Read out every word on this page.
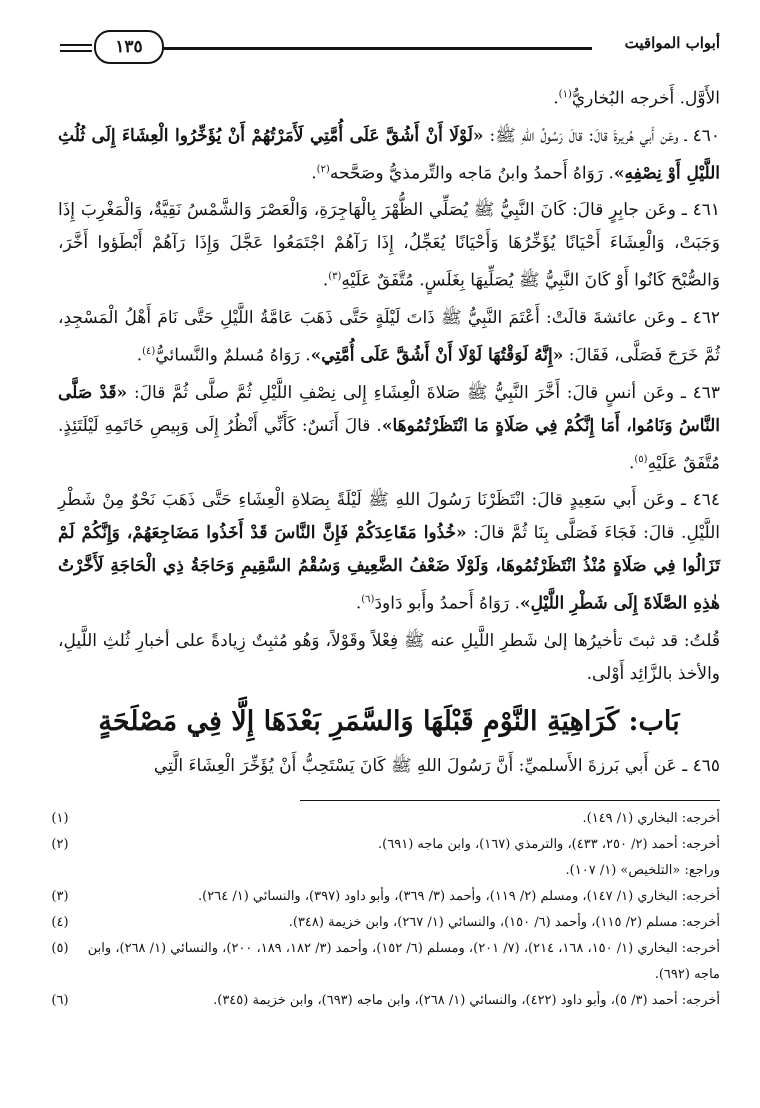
١٣٥	أبواب المواقيت

الأَوَّل. أَخرجه البُخاريُّ$^{(١)}$.

٤٦٠ ـ وعَن أَبي هُريرةَ قالَ: قالَ رَسُولُ اللهِ ﷺ: «لَوْلَا أَنْ أَشُقَّ عَلَى أُمَّتِي لَأَمَرْتُهُمْ أَنْ يُؤَخِّرُوا الْعِشَاءَ إِلَى ثُلُثِ اللَّيْلِ أَوْ نِصْفِهِ». رَوَاهُ أَحمدُ وابنُ مَاجه والتِّرمذيُّ وصَحَّحه$^{(٢)}$.

٤٦١ ـ وعَن جابِرٍ قالَ: كَانَ النَّبِيُّ ﷺ يُصَلِّي الظُّهْرَ بِالْهَاجِرَةِ، وَالْعَصْرَ وَالشَّمْسُ نَقِيَّةٌ، وَالْمَغْرِبَ إِذَا وَجَبَتْ، وَالْعِشَاءَ أَحْيَانًا يُؤَخِّرُهَا وَأَحْيَانًا يُعَجِّلُ، إِذَا رَآهُمْ اجْتَمَعُوا عَجَّلَ وَإِذَا رَآهُمْ أَبْطَؤوا أَخَّرَ، وَالصُّبْحَ كَانُوا أَوْ كَانَ النَّبِيُّ ﷺ يُصَلِّيهَا بِغَلَسٍ. مُتَّفَقٌ عَلَيْهِ$^{(٣)}$.

٤٦٢ ـ وعَن عائشةَ قالَتْ: أَعْتَمَ النَّبِيُّ ﷺ ذَاتَ لَيْلَةٍ حَتَّى ذَهَبَ عَامَّةُ اللَّيْلِ حَتَّى نَامَ أَهْلُ الْمَسْجِدِ، ثُمَّ خَرَجَ فَصَلَّى، فَقَالَ: «إِنَّهُ لَوَقْتُهَا لَوْلَا أَنْ أَشُقَّ عَلَى أُمَّتِي». رَوَاهُ مُسلمٌ والنَّسائيُّ$^{(٤)}$.

٤٦٣ ـ وعَن أنسٍ قالَ: أَخَّرَ النَّبِيُّ ﷺ صَلاةَ الْعِشَاءِ إِلى نِصْفِ اللَّيْلِ ثُمَّ صلَّى ثُمَّ قالَ: «قَدْ صَلَّى النَّاسُ وَنَامُوا، أَمَا إِنَّكُمْ فِي صَلَاةٍ مَا انْتَظَرْتُمُوهَا». قالَ أَنَسٌ: كَأَنِّي أَنْظُرُ إِلَى وَبِيصِ خَاتَمِهِ لَيْلَتَئِذٍ. مُتَّفَقٌ عَلَيْهِ$^{(٥)}$.

٤٦٤ ـ وعَن أَبي سَعِيدٍ قالَ: انْتَظَرْنَا رَسُولَ اللهِ ﷺ لَيْلَةً بِصَلاةِ الْعِشَاءِ حَتَّى ذَهَبَ نَحْوٌ مِنْ شَطْرِ اللَّيْلِ. قالَ: فَجَاءَ فَصَلَّى بِنَا ثُمَّ قالَ: «خُذُوا مَقَاعِدَكُمْ فَإِنَّ النَّاسَ قَدْ أَخَذُوا مَضَاجِعَهُمْ، وَإِنَّكُمْ لَمْ تَزَالُوا فِي صَلَاةٍ مُنْذُ انْتَظَرْتُمُوهَا، وَلَوْلَا ضَعْفُ الضَّعِيفِ وَسُقْمُ السَّقِيمِ وَحَاجَةُ ذِي الْحَاجَةِ لَأَخَّرْتُ هٰذِهِ الصَّلَاةَ إِلَى شَطْرِ اللَّيْلِ». رَوَاهُ أَحمدُ وأَبو دَاودَ$^{(٦)}$.

قُلتُ: قد ثبتَ تأخيرُها إلىٰ شَطرِ اللَّيلِ عنه ﷺ فِعْلاً وقَوْلاً، وَهُو مُثبِتٌ زِيادةً على أخبارِ ثُلثِ اللَّيلِ، والأخذ بالزَّائِد أَوْلى.

بَاب: كَرَاهِيَةِ النَّوْمِ قَبْلَهَا وَالسَّمَرِ بَعْدَهَا إِلَّا فِي مَصْلَحَةٍ

٤٦٥ ـ عَن أَبي بَرزةَ الأَسلميِّ: أَنَّ رَسُولَ اللهِ ﷺ كَانَ يَسْتَحِبُّ أَنْ يُؤَخِّرَ الْعِشَاءَ الَّتِي

(١)	أخرجه: البخاري (١/ ١٤٩).
(٢)	أخرجه: أحمد (٢/ ٢٥٠، ٤٣٣)، والترمذي (١٦٧)، وابن ماجه (٦٩١).
وراجع: «التلخيص» (١/ ١٠٧).
(٣)	أخرجه: البخاري (١/ ١٤٧)، ومسلم (٢/ ١١٩)، وأحمد (٣/ ٣٦٩)، وأبو داود (٣٩٧)، والنسائي (١/ ٢٦٤).
(٤)	أخرجه: مسلم (٢/ ١١٥)، وأحمد (٦/ ١٥٠)، والنسائي (١/ ٢٦٧)، وابن خزيمة (٣٤٨).
(٥)	أخرجه: البخاري (١/ ١٥٠، ١٦٨، ٢١٤)، (٧/ ٢٠١)، ومسلم (٦/ ١٥٢)، وأحمد (٣/ ١٨٢، ١٨٩، ٢٠٠)، والنسائي (١/ ٢٦٨)، وابن ماجه (٦٩٢).
(٦)	أخرجه: أحمد (٣/ ٥)، وأبو داود (٤٢٢)، والنسائي (١/ ٢٦٨)، وابن ماجه (٦٩٣)، وابن خزيمة (٣٤٥).
